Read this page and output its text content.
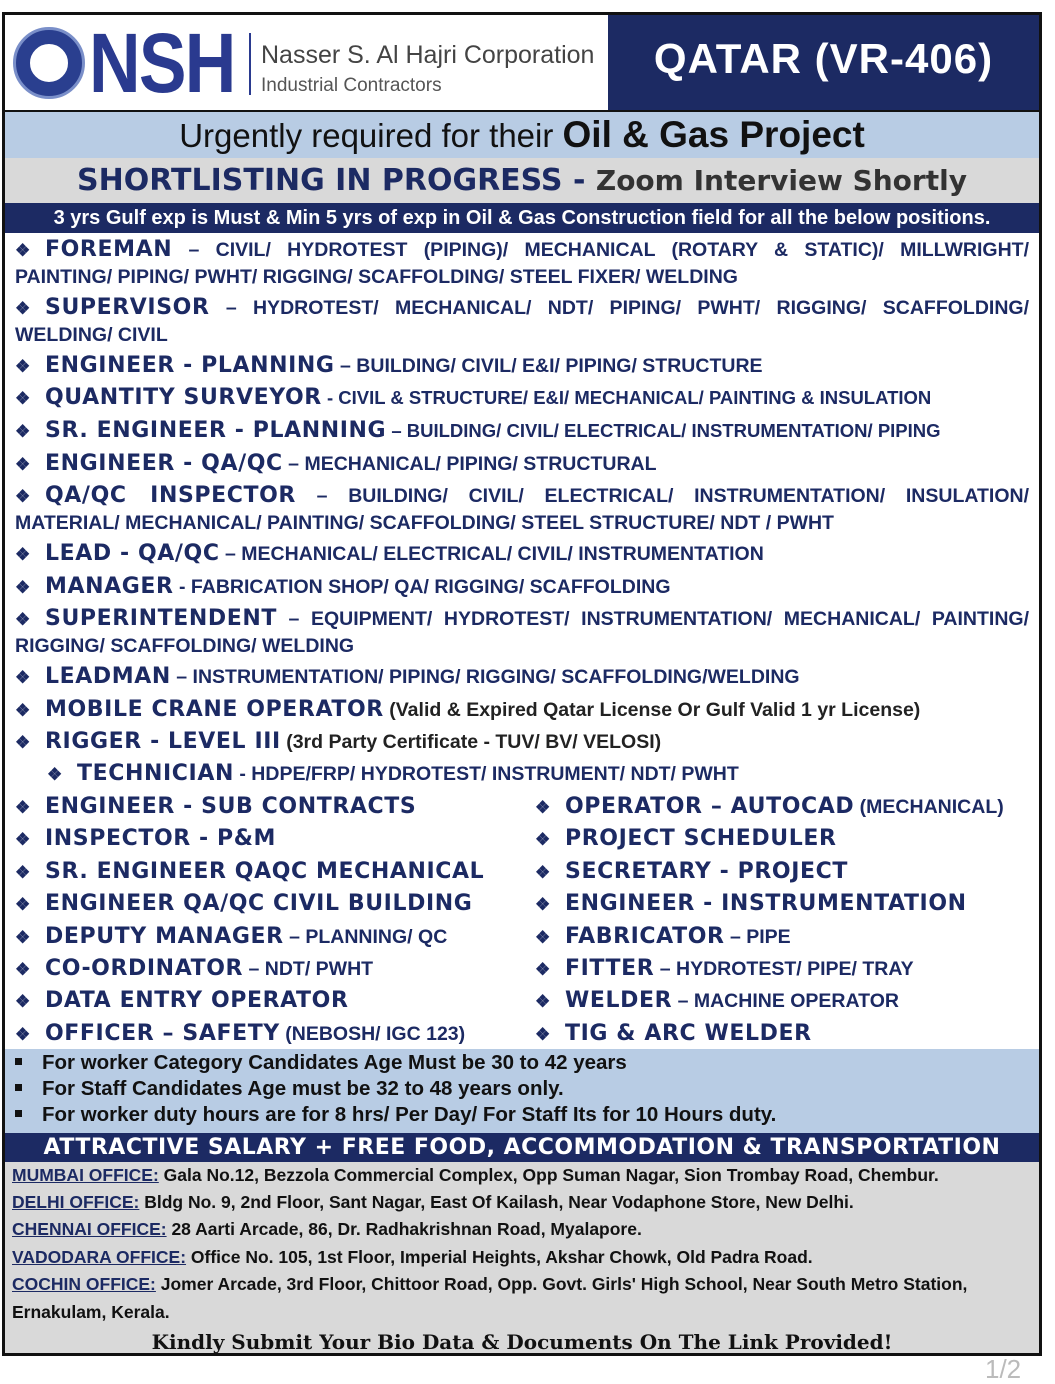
NSH Nasser S. Al Hajri Corporation
Industrial Contractors
QATAR (VR-406)
Urgently required for their Oil & Gas Project
SHORTLISTING IN PROGRESS - Zoom Interview Shortly
3 yrs Gulf exp is Must & Min 5 yrs of exp in Oil & Gas Construction field for all the below positions.
❖ FOREMAN – CIVIL/ HYDROTEST (PIPING)/ MECHANICAL (ROTARY & STATIC)/ MILLWRIGHT/ PAINTING/ PIPING/ PWHT/ RIGGING/ SCAFFOLDING/ STEEL FIXER/ WELDING
❖ SUPERVISOR – HYDROTEST/ MECHANICAL/ NDT/ PIPING/ PWHT/ RIGGING/ SCAFFOLDING/ WELDING/ CIVIL
❖ ENGINEER - PLANNING – BUILDING/ CIVIL/ E&I/ PIPING/ STRUCTURE
❖ QUANTITY SURVEYOR - CIVIL & STRUCTURE/ E&I/ MECHANICAL/ PAINTING & INSULATION
❖ SR. ENGINEER - PLANNING – BUILDING/ CIVIL/ ELECTRICAL/ INSTRUMENTATION/ PIPING
❖ ENGINEER - QA/QC – MECHANICAL/ PIPING/ STRUCTURAL
❖ QA/QC INSPECTOR – BUILDING/ CIVIL/ ELECTRICAL/ INSTRUMENTATION/ INSULATION/ MATERIAL/ MECHANICAL/ PAINTING/ SCAFFOLDING/ STEEL STRUCTURE/ NDT / PWHT
❖ LEAD - QA/QC – MECHANICAL/ ELECTRICAL/ CIVIL/ INSTRUMENTATION
❖ MANAGER - FABRICATION SHOP/ QA/ RIGGING/ SCAFFOLDING
❖ SUPERINTENDENT – EQUIPMENT/ HYDROTEST/ INSTRUMENTATION/ MECHANICAL/ PAINTING/ RIGGING/ SCAFFOLDING/ WELDING
❖ LEADMAN – INSTRUMENTATION/ PIPING/ RIGGING/ SCAFFOLDING/WELDING
❖ MOBILE CRANE OPERATOR (Valid & Expired Qatar License Or Gulf Valid 1 yr License)
❖ RIGGER - LEVEL III (3rd Party Certificate - TUV/ BV/ VELOSI)
❖ TECHNICIAN - HDPE/FRP/ HYDROTEST/ INSTRUMENT/ NDT/ PWHT
❖ ENGINEER - SUB CONTRACTS
❖ INSPECTOR - P&M
❖ SR. ENGINEER QAQC MECHANICAL
❖ ENGINEER QA/QC CIVIL BUILDING
❖ DEPUTY MANAGER – PLANNING/ QC
❖ CO-ORDINATOR – NDT/ PWHT
❖ DATA ENTRY OPERATOR
❖ OFFICER – SAFETY (NEBOSH/ IGC 123)
❖ OPERATOR – AUTOCAD (MECHANICAL)
❖ PROJECT SCHEDULER
❖ SECRETARY - PROJECT
❖ ENGINEER - INSTRUMENTATION
❖ FABRICATOR – PIPE
❖ FITTER – HYDROTEST/ PIPE/ TRAY
❖ WELDER – MACHINE OPERATOR
❖ TIG & ARC WELDER
For worker Category Candidates Age Must be 30 to 42 years
For Staff Candidates Age must be 32 to 48 years only.
For worker duty hours are for 8 hrs/ Per Day/ For Staff Its for 10 Hours duty.
ATTRACTIVE SALARY + FREE FOOD, ACCOMMODATION & TRANSPORTATION
MUMBAI OFFICE: Gala No.12, Bezzola Commercial Complex, Opp Suman Nagar, Sion Trombay Road, Chembur.
DELHI OFFICE: Bldg No. 9, 2nd Floor, Sant Nagar, East Of Kailash, Near Vodaphone Store, New Delhi.
CHENNAI OFFICE: 28 Aarti Arcade, 86, Dr. Radhakrishnan Road, Myalapore.
VADODARA OFFICE: Office No. 105, 1st Floor, Imperial Heights, Akshar Chowk, Old Padra Road.
COCHIN OFFICE: Jomer Arcade, 3rd Floor, Chittoor Road, Opp. Govt. Girls' High School, Near South Metro Station,
Ernakulam, Kerala.
Kindly Submit Your Bio Data & Documents On The Link Provided!
1/2
